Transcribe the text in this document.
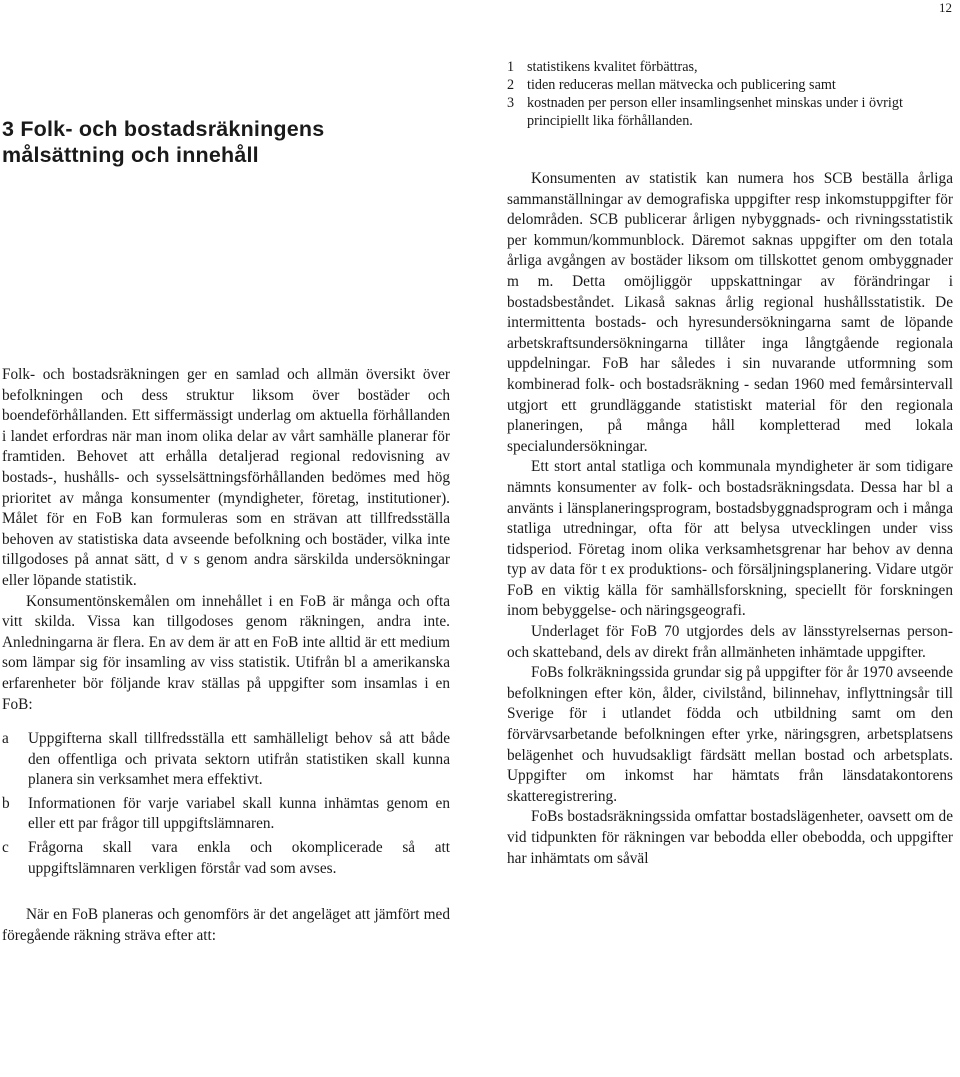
12
3 Folk- och bostadsräkningens målsättning och innehåll

Folk- och bostadsräkningen ger en samlad och allmän översikt över befolkningen och dess struktur liksom över bostäder och boendeförhållanden. Ett siffermässigt underlag om aktuella förhållanden i landet erfordras när man inom olika delar av vårt samhälle planerar för framtiden. Behovet att erhålla detaljerad regional redovisning av bostads-, hushålls- och sysselsättningsförhållanden bedömes med hög prioritet av många konsumenter (myndigheter, företag, institutioner). Målet för en FoB kan formuleras som en strävan att tillfredsställa behoven av statistiska data avseende befolkning och bostäder, vilka inte tillgodoses på annat sätt, d v s genom andra särskilda undersökningar eller löpande statistik.

Konsumentönskemålen om innehållet i en FoB är många och ofta vitt skilda. Vissa kan tillgodoses genom räkningen, andra inte. Anledningarna är flera. En av dem är att en FoB inte alltid är ett medium som lämpar sig för insamling av viss statistik. Utifrån bl a amerikanska erfarenheter bör följande krav ställas på uppgifter som insamlas i en FoB:

a	Uppgifterna skall tillfredsställa ett samhälleligt behov så att både den offentliga och privata sektorn utifrån statistiken skall kunna planera sin verksamhet mera effektivt.
b	Informationen för varje variabel skall kunna inhämtas genom en eller ett par frågor till uppgiftslämnaren.
c	Frågorna skall vara enkla och okomplicerade så att uppgiftslämnaren verkligen förstår vad som avses.

När en FoB planeras och genomförs är det angeläget att jämfört med föregående räkning sträva efter att:

1 statistikens kvalitet förbättras,
2 tiden reduceras mellan mätvecka och publicering samt
3 kostnaden per person eller insamlingsenhet minskas under i övrigt principiellt lika förhållanden.

Konsumenten av statistik kan numera hos SCB beställa årliga sammanställningar av demografiska uppgifter resp inkomstuppgifter för delområden. SCB publicerar årligen nybyggnads- och rivningsstatistik per kommun/kommunblock. Däremot saknas uppgifter om den totala årliga avgången av bostäder liksom om tillskottet genom ombyggnader m m. Detta omöjliggör uppskattningar av förändringar i bostadsbeståndet. Likaså saknas årlig regional hushållsstatistik. De intermittenta bostads- och hyresundersökningarna samt de löpande arbetskraftsundersökningarna tillåter inga långtgående regionala uppdelningar. FoB har således i sin nuvarande utformning som kombinerad folk- och bostadsräkning - sedan 1960 med femårsintervall utgjort ett grundläggande statistiskt material för den regionala planeringen, på många håll kompletterad med lokala specialundersökningar.

Ett stort antal statliga och kommunala myndigheter är som tidigare nämnts konsumenter av folk- och bostadsräkningsdata. Dessa har bl a använts i länsplaneringsprogram, bostadsbyggnadsprogram och i många statliga utredningar, ofta för att belysa utvecklingen under viss tidsperiod. Företag inom olika verksamhetsgrenar har behov av denna typ av data för t ex produktions- och försäljningsplanering. Vidare utgör FoB en viktig källa för samhällsforskning, speciellt för forskningen inom bebyggelse- och näringsgeografi.

Underlaget för FoB 70 utgjordes dels av länsstyrelsernas person- och skatteband, dels av direkt från allmänheten inhämtade uppgifter.

FoBs folkräkningssida grundar sig på uppgifter för år 1970 avseende befolkningen efter kön, ålder, civilstånd, bilinnehav, inflyttningsår till Sverige för i utlandet födda och utbildning samt om den förvärvsarbetande befolkningen efter yrke, näringsgren, arbetsplatsens belägenhet och huvudsakligt färdsätt mellan bostad och arbetsplats. Uppgifter om inkomst har hämtats från länsdatakontorens skatteregistrering.

FoBs bostadsräkningssida omfattar bostadslägenheter, oavsett om de vid tidpunkten för räkningen var bebodda eller obebodda, och uppgifter har inhämtats om såväl
